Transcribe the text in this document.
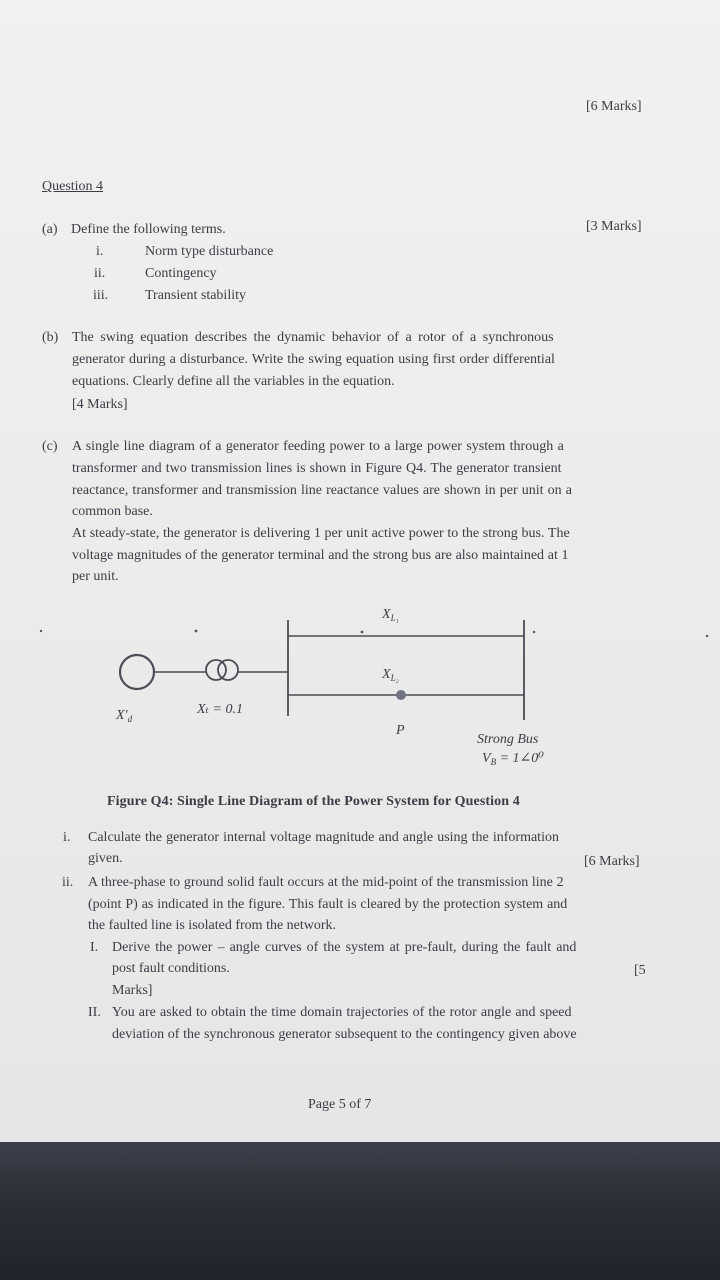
[6 Marks]
Question 4
(a) Define the following terms.	[3 Marks]
i.	Norm type disturbance
ii.	Contingency
iii.	Transient stability
(b) The swing equation describes the dynamic behavior of a rotor of a synchronous
generator during a disturbance. Write the swing equation using first order differential
equations. Clearly define all the variables in the equation.
[4 Marks]
(c) A single line diagram of a generator feeding power to a large power system through a
transformer and two transmission lines is shown in Figure Q4. The generator transient
reactance, transformer and transmission line reactance values are shown in per unit on a
common base.
At steady-state, the generator is delivering 1 per unit active power to the strong bus. The
voltage magnitudes of the generator terminal and the strong bus are also maintained at 1
per unit.
$X_{L_1}$
$X_{L_2}$
$X'_d$
Xₜ = 0.1
P
Strong Bus
$V_B$ = 1∠0⁰
Figure Q4: Single Line Diagram of the Power System for Question 4
i. Calculate the generator internal voltage magnitude and angle using the information
given.	[6 Marks]
ii. A three-phase to ground solid fault occurs at the mid-point of the transmission line 2
(point P) as indicated in the figure. This fault is cleared by the protection system and
the faulted line is isolated from the network.
I. Derive the power – angle curves of the system at pre-fault, during the fault and
post fault conditions.	[5
Marks]
II. You are asked to obtain the time domain trajectories of the rotor angle and speed
deviation of the synchronous generator subsequent to the contingency given above
Page 5 of 7
